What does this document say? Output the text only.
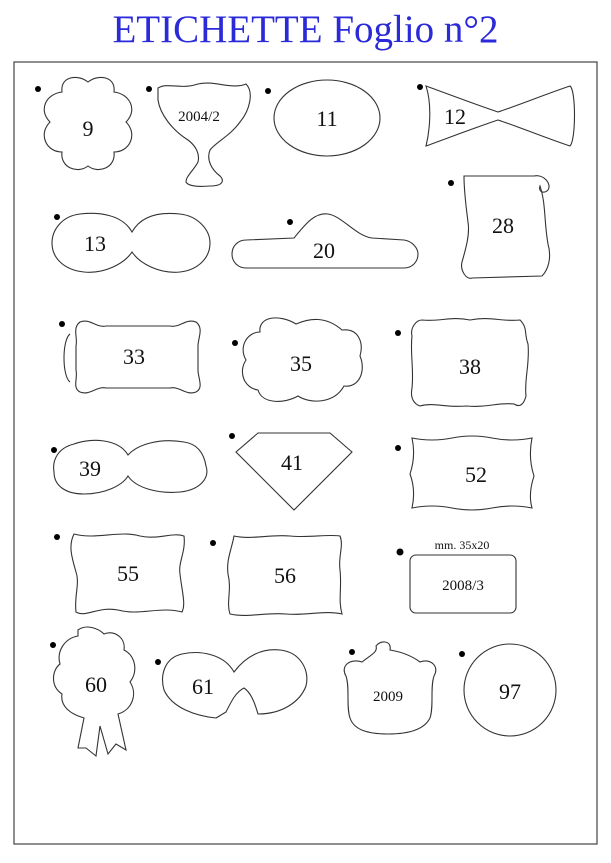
ETICHETTE Foglio n°2
9	2004/2	11	12
13	20
28
33	35	38
39	41	52
55	56
mm. 35x20
2008/3
60	61	2009	97
